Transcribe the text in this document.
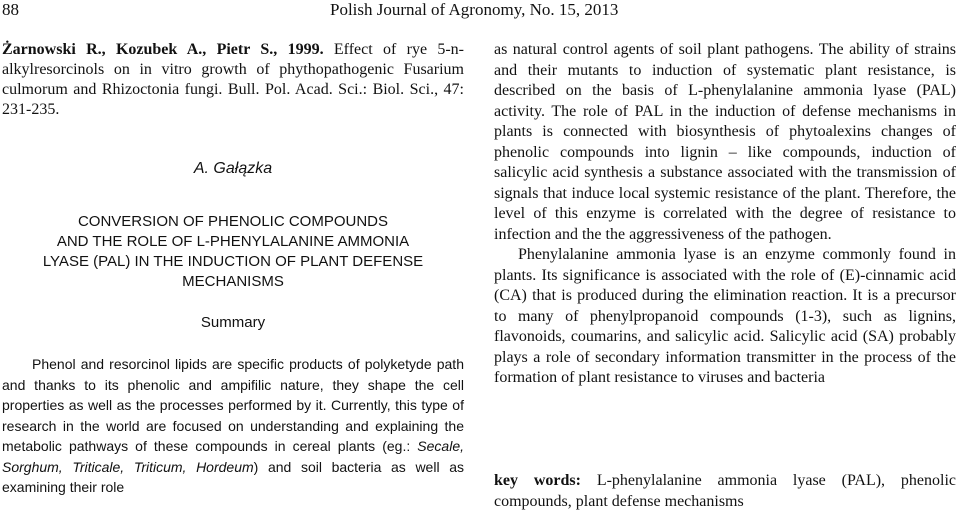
88	Polish Journal of Agronomy, No. 15, 2013
Żarnowski R., Kozubek A., Pietr S., 1999. Effect of rye 5-n-alkylresorcinols on in vitro growth of phythopathogenic Fusarium culmorum and Rhizoctonia fungi. Bull. Pol. Acad. Sci.: Biol. Sci., 47: 231-235.
A. Gałązka
CONVERSION OF PHENOLIC COMPOUNDS
AND THE ROLE OF L-PHENYLALANINE AMMONIA
LYASE (PAL) IN THE INDUCTION OF PLANT DEFENSE
MECHANISMS
Summary

Phenol and resorcinol lipids are specific products of polyketyde path and thanks to its phenolic and ampifilic nature, they shape the cell properties as well as the processes performed by it. Currently, this type of research in the world are focused on understanding and explaining the metabolic pathways of these compounds in cereal plants (eg.: Secale, Sorghum, Triticale, Triticum, Hordeum) and soil bacteria as well as examining their role

as natural control agents of soil plant pathogens. The ability of strains and their mutants to induction of systematic plant resistance, is described on the basis of L-phenylalanine ammonia lyase (PAL) activity. The role of PAL in the induction of defense mechanisms in plants is connected with biosynthesis of phytoalexins changes of phenolic compounds into lignin – like compounds, induction of salicylic acid synthesis a substance associated with the transmission of signals that induce local systemic resistance of the plant. Therefore, the level of this enzyme is correlated with the degree of resistance to infection and the the aggressiveness of the pathogen.

Phenylalanine ammonia lyase is an enzyme commonly found in plants. Its significance is associated with the role of (E)-cinnamic acid (CA) that is produced during the elimination reaction. It is a precursor to many of phenylpropanoid compounds (1-3), such as lignins, flavonoids, coumarins, and salicylic acid. Salicylic acid (SA) probably plays a role of secondary information transmitter in the process of the formation of plant resistance to viruses and bacteria

key words: L-phenylalanine ammonia lyase (PAL), phenolic compounds, plant defense mechanisms
